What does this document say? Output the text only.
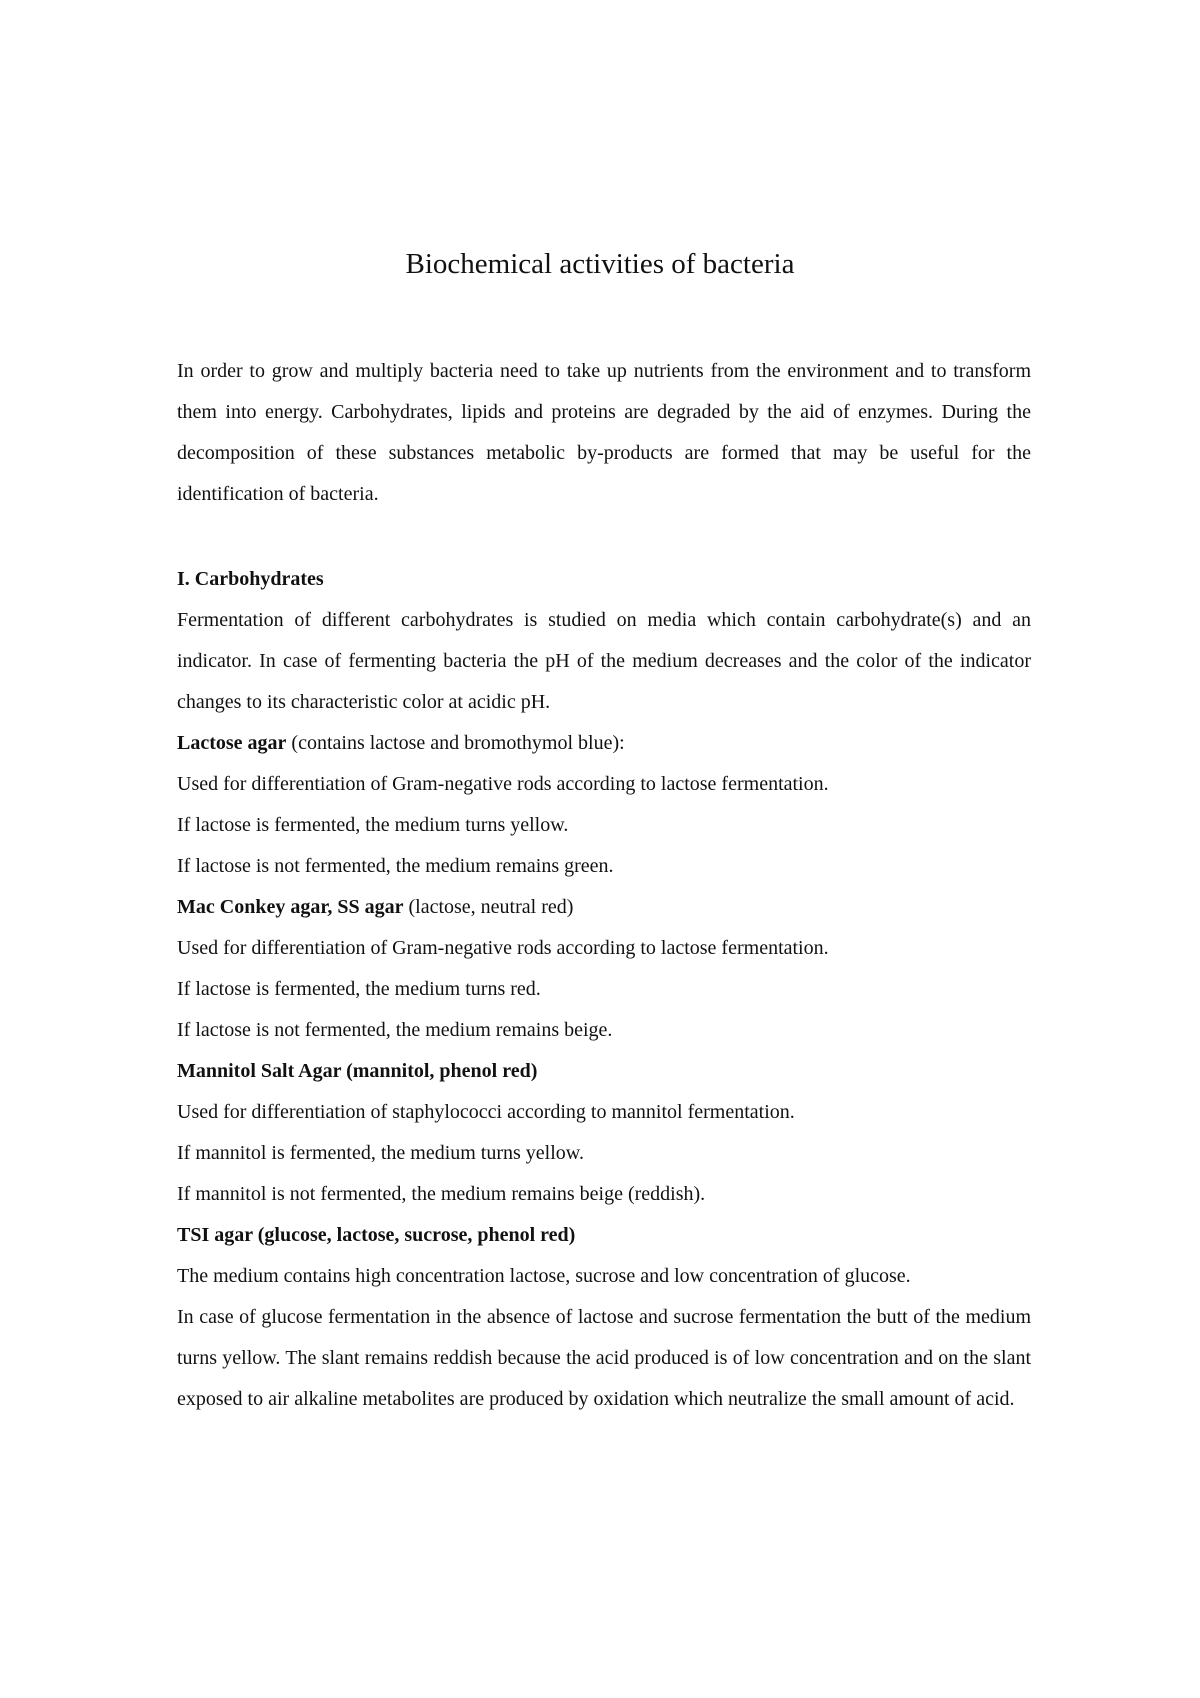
Biochemical activities of bacteria

In order to grow and multiply bacteria need to take up nutrients from the environment and to transform them into energy. Carbohydrates, lipids and proteins are degraded by the aid of enzymes. During the decomposition of these substances metabolic by-products are formed that may be useful for the identification of bacteria.

I. Carbohydrates

Fermentation of different carbohydrates is studied on media which contain carbohydrate(s) and an indicator. In case of fermenting bacteria the pH of the medium decreases and the color of the indicator changes to its characteristic color at acidic pH.

Lactose agar (contains lactose and bromothymol blue):

Used for differentiation of Gram-negative rods according to lactose fermentation.

If lactose is fermented, the medium turns yellow.

If lactose is not fermented, the medium remains green.

Mac Conkey agar, SS agar (lactose, neutral red)

Used for differentiation of Gram-negative rods according to lactose fermentation.

If lactose is fermented, the medium turns red.

If lactose is not fermented, the medium remains beige.

Mannitol Salt Agar (mannitol, phenol red)

Used for differentiation of staphylococci according to mannitol fermentation.

If mannitol is fermented, the medium turns yellow.

If mannitol is not fermented, the medium remains beige (reddish).

TSI agar (glucose, lactose, sucrose, phenol red)

The medium contains high concentration lactose, sucrose and low concentration of glucose.

In case of glucose fermentation in the absence of lactose and sucrose fermentation the butt of the medium turns yellow. The slant remains reddish because the acid produced is of low concentration and on the slant exposed to air alkaline metabolites are produced by oxidation which neutralize the small amount of acid.
